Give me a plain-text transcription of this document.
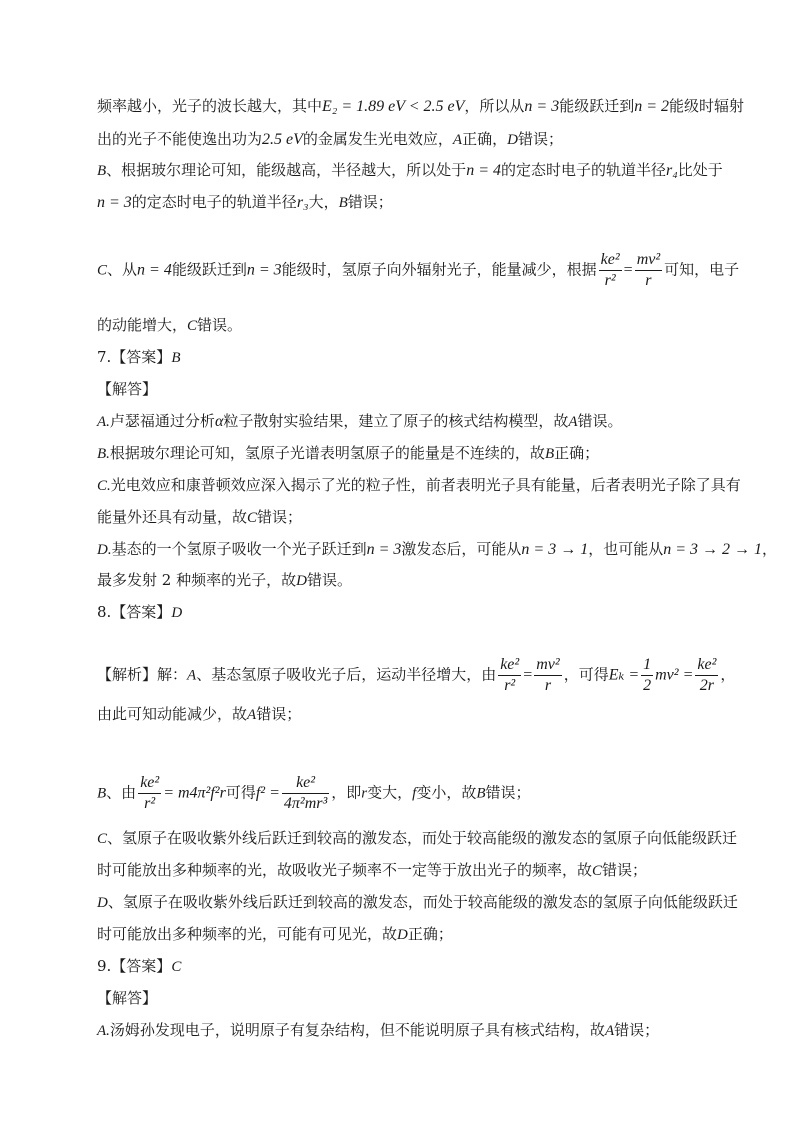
频率越小，光子的波长越大，其中E₂ = 1.89 eV < 2.5 eV，所以从n = 3能级跃迁到n = 2能级时辐射
出的光子不能使逸出功为2.5 eV的金属发生光电效应，A正确，D错误；
B、根据玻尔理论可知，能级越高，半径越大，所以处于n = 4的定态时电子的轨道半径r₄比处于
n = 3的定态时电子的轨道半径r₃大，B错误；
C、从n = 4能级跃迁到n = 3能级时，氢原子向外辐射光子，能量减少，根据 $\frac{\text{ke²}}{\text{r²}} = \frac{\text{mv²}}{r}$ 可知，电子
的动能增大，C错误。
7.【答案】B
【解答】
A.卢瑟福通过分析α粒子散射实验结果，建立了原子的核式结构模型，故A错误。
B.根据玻尔理论可知，氢原子光谱表明氢原子的能量是不连续的，故B正确；
C.光电效应和康普顿效应深入揭示了光的粒子性，前者表明光子具有能量，后者表明光子除了具有
能量外还具有动量，故C错误；
D.基态的一个氢原子吸收一个光子跃迁到n = 3激发态后，可能从n = 3 → 1，也可能从n = 3 → 2 → 1，
最多发射 2 种频率的光子，故D错误。
8.【答案】D
【解析】解：A、基态氢原子吸收光子后，运动半径增大，由 $\frac{\text{ke²}}{\text{r²}} = \frac{\text{mv²}}{r}$ ，可得$E_k = \frac{1}{2} mv^2 = \frac{\text{ke²}}{2r}$ ，
由此可知动能减少，故A错误；
B、由 $\frac{\text{ke²}}{\text{r²}} = m4\pi^2f^2r$可得$f^2 = \frac{\text{ke²}}{\text{4π²mr³}}$ ，即r变大，f变小，故B错误；
C、氢原子在吸收紫外线后跃迁到较高的激发态，而处于较高能级的激发态的氢原子向低能级跃迁
时可能放出多种频率的光，故吸收光子频率不一定等于放出光子的频率，故C错误；
D、氢原子在吸收紫外线后跃迁到较高的激发态，而处于较高能级的激发态的氢原子向低能级跃迁
时可能放出多种频率的光，可能有可见光，故D正确；
9.【答案】C
【解答】
A.汤姆孙发现电子，说明原子有复杂结构，但不能说明原子具有核式结构，故A错误；
